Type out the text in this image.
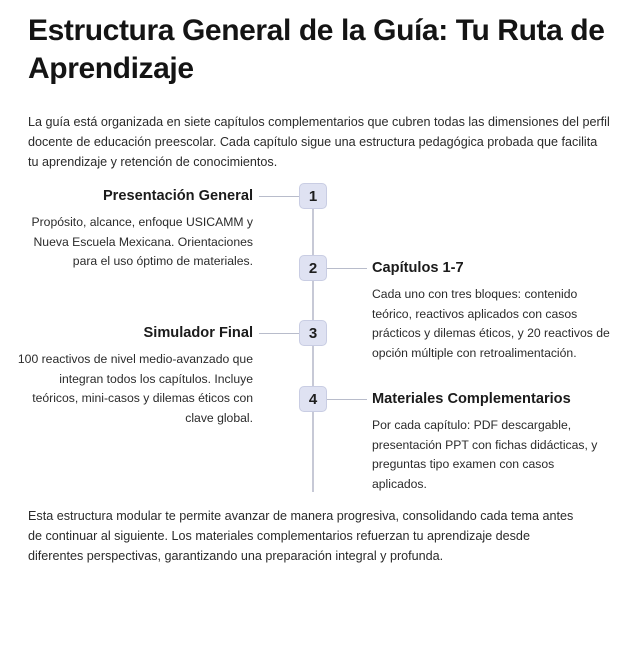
Estructura General de la Guía: Tu Ruta de Aprendizaje

La guía está organizada en siete capítulos complementarios que cubren todas las dimensiones del perfil docente de educación preescolar. Cada capítulo sigue una estructura pedagógica probada que facilita tu aprendizaje y retención de conocimientos.

1
Presentación General

Propósito, alcance, enfoque USICAMM y Nueva Escuela Mexicana. Orientaciones para el uso óptimo de materiales.	2	Capítulos 1-7

Cada uno con tres bloques: contenido teórico, reactivos aplicados con casos prácticos y dilemas éticos, y 20 reactivos de opción múltiple con retroalimentación.

3
Simulador Final

100 reactivos de nivel medio-avanzado que integran todos los capítulos. Incluye teóricos, mini-casos y dilemas éticos con clave global.

4	Materiales Complementarios

Por cada capítulo: PDF descargable, presentación PPT con fichas didácticas, y preguntas tipo examen con casos aplicados.

Esta estructura modular te permite avanzar de manera progresiva, consolidando cada tema antes de continuar al siguiente. Los materiales complementarios refuerzan tu aprendizaje desde diferentes perspectivas, garantizando una preparación integral y profunda.
